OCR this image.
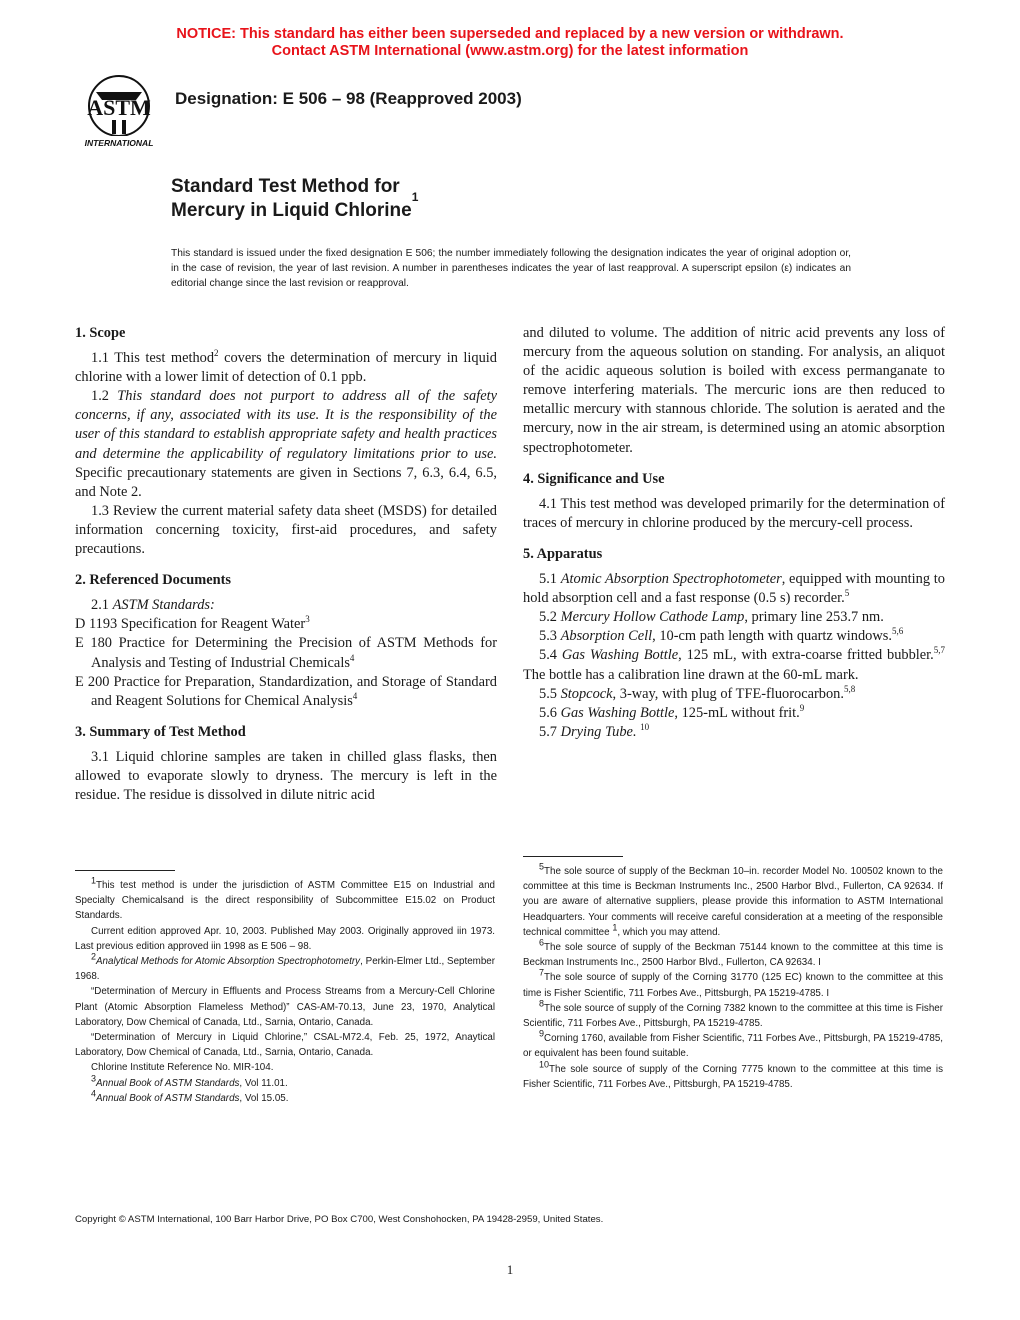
NOTICE: This standard has either been superseded and replaced by a new version or withdrawn.
Contact ASTM International (www.astm.org) for the latest information
ASTM
INTERNATIONAL
Designation: E 506 – 98 (Reapproved 2003)
Standard Test Method for
Mercury in Liquid Chlorine$^1$
This standard is issued under the fixed designation E 506; the number immediately following the designation indicates the year of original adoption or, in the case of revision, the year of last revision. A number in parentheses indicates the year of last reapproval. A superscript epsilon (ε) indicates an editorial change since the last revision or reapproval.
1. Scope

1.1 This test method$^2$ covers the determination of mercury in liquid chlorine with a lower limit of detection of 0.1 ppb.

1.2 This standard does not purport to address all of the safety concerns, if any, associated with its use. It is the responsibility of the user of this standard to establish appropriate safety and health practices and determine the applicability of regulatory limitations prior to use. Specific precautionary statements are given in Sections 7, 6.3, 6.4, 6.5, and Note 2.

1.3 Review the current material safety data sheet (MSDS) for detailed information concerning toxicity, first-aid procedures, and safety precautions.

2. Referenced Documents

2.1 ASTM Standards:

D 1193 Specification for Reagent Water$^3$

E 180 Practice for Determining the Precision of ASTM Methods for Analysis and Testing of Industrial Chemicals$^4$

E 200 Practice for Preparation, Standardization, and Storage of Standard and Reagent Solutions for Chemical Analysis$^4$

3. Summary of Test Method

3.1 Liquid chlorine samples are taken in chilled glass flasks, then allowed to evaporate slowly to dryness. The mercury is left in the residue. The residue is dissolved in dilute nitric acid

and diluted to volume. The addition of nitric acid prevents any loss of mercury from the aqueous solution on standing. For analysis, an aliquot of the acidic aqueous solution is boiled with excess permanganate to remove interfering materials. The mercuric ions are then reduced to metallic mercury with stannous chloride. The solution is aerated and the mercury, now in the air stream, is determined using an atomic absorption spectrophotometer.

4. Significance and Use

4.1 This test method was developed primarily for the determination of traces of mercury in chlorine produced by the mercury-cell process.

5. Apparatus

5.1 Atomic Absorption Spectrophotometer, equipped with mounting to hold absorption cell and a fast response (0.5 s) recorder.$^5$

5.2 Mercury Hollow Cathode Lamp, primary line 253.7 nm.

5.3 Absorption Cell, 10-cm path length with quartz windows.$^{5,6}$

5.4 Gas Washing Bottle, 125 mL, with extra-coarse fritted bubbler.$^{5,7}$ The bottle has a calibration line drawn at the 60-mL mark.

5.5 Stopcock, 3-way, with plug of TFE-fluorocarbon.$^{5,8}$

5.6 Gas Washing Bottle, 125-mL without frit.$^9$

5.7 Drying Tube. $^{10}$

$^1$This test method is under the jurisdiction of ASTM Committee E15 on Industrial and Specialty Chemicalsand is the direct responsibility of Subcommittee E15.02 on Product Standards.

Current edition approved Apr. 10, 2003. Published May 2003. Originally approved iin 1973. Last previous edition approved iin 1998 as E 506 – 98.

$^2$Analytical Methods for Atomic Absorption Spectrophotometry, Perkin-Elmer Ltd., September 1968.

“Determination of Mercury in Effluents and Process Streams from a Mercury-Cell Chlorine Plant (Atomic Absorption Flameless Method)” CAS-AM-70.13, June 23, 1970, Analytical Laboratory, Dow Chemical of Canada, Ltd., Sarnia, Ontario, Canada.

“Determination of Mercury in Liquid Chlorine,” CSAL-M72.4, Feb. 25, 1972, Anaytical Laboratory, Dow Chemical of Canada, Ltd., Sarnia, Ontario, Canada.

Chlorine Institute Reference No. MIR-104.

$^3$Annual Book of ASTM Standards, Vol 11.01.

$^4$Annual Book of ASTM Standards, Vol 15.05.

$^5$The sole source of supply of the Beckman 10–in. recorder Model No. 100502 known to the committee at this time is Beckman Instruments Inc., 2500 Harbor Blvd., Fullerton, CA 92634. If you are aware of alternative suppliers, please provide this information to ASTM International Headquarters. Your comments will receive careful consideration at a meeting of the responsible technical committee $^1$, which you may attend.

$^6$The sole source of supply of the Beckman 75144 known to the committee at this time is Beckman Instruments Inc., 2500 Harbor Blvd., Fullerton, CA 92634. I

$^7$The sole source of supply of the Corning 31770 (125 EC) known to the committee at this time is Fisher Scientific, 711 Forbes Ave., Pittsburgh, PA 15219-4785. I

$^8$The sole source of supply of the Corning 7382 known to the committee at this time is Fisher Scientific, 711 Forbes Ave., Pittsburgh, PA 15219-4785.

$^9$Corning 1760, available from Fisher Scientific, 711 Forbes Ave., Pittsburgh, PA 15219-4785, or equivalent has been found suitable.

$^{10}$The sole source of supply of the Corning 7775 known to the committee at this time is Fisher Scientific, 711 Forbes Ave., Pittsburgh, PA 15219-4785.

Copyright © ASTM International, 100 Barr Harbor Drive, PO Box C700, West Conshohocken, PA 19428-2959, United States.
1
